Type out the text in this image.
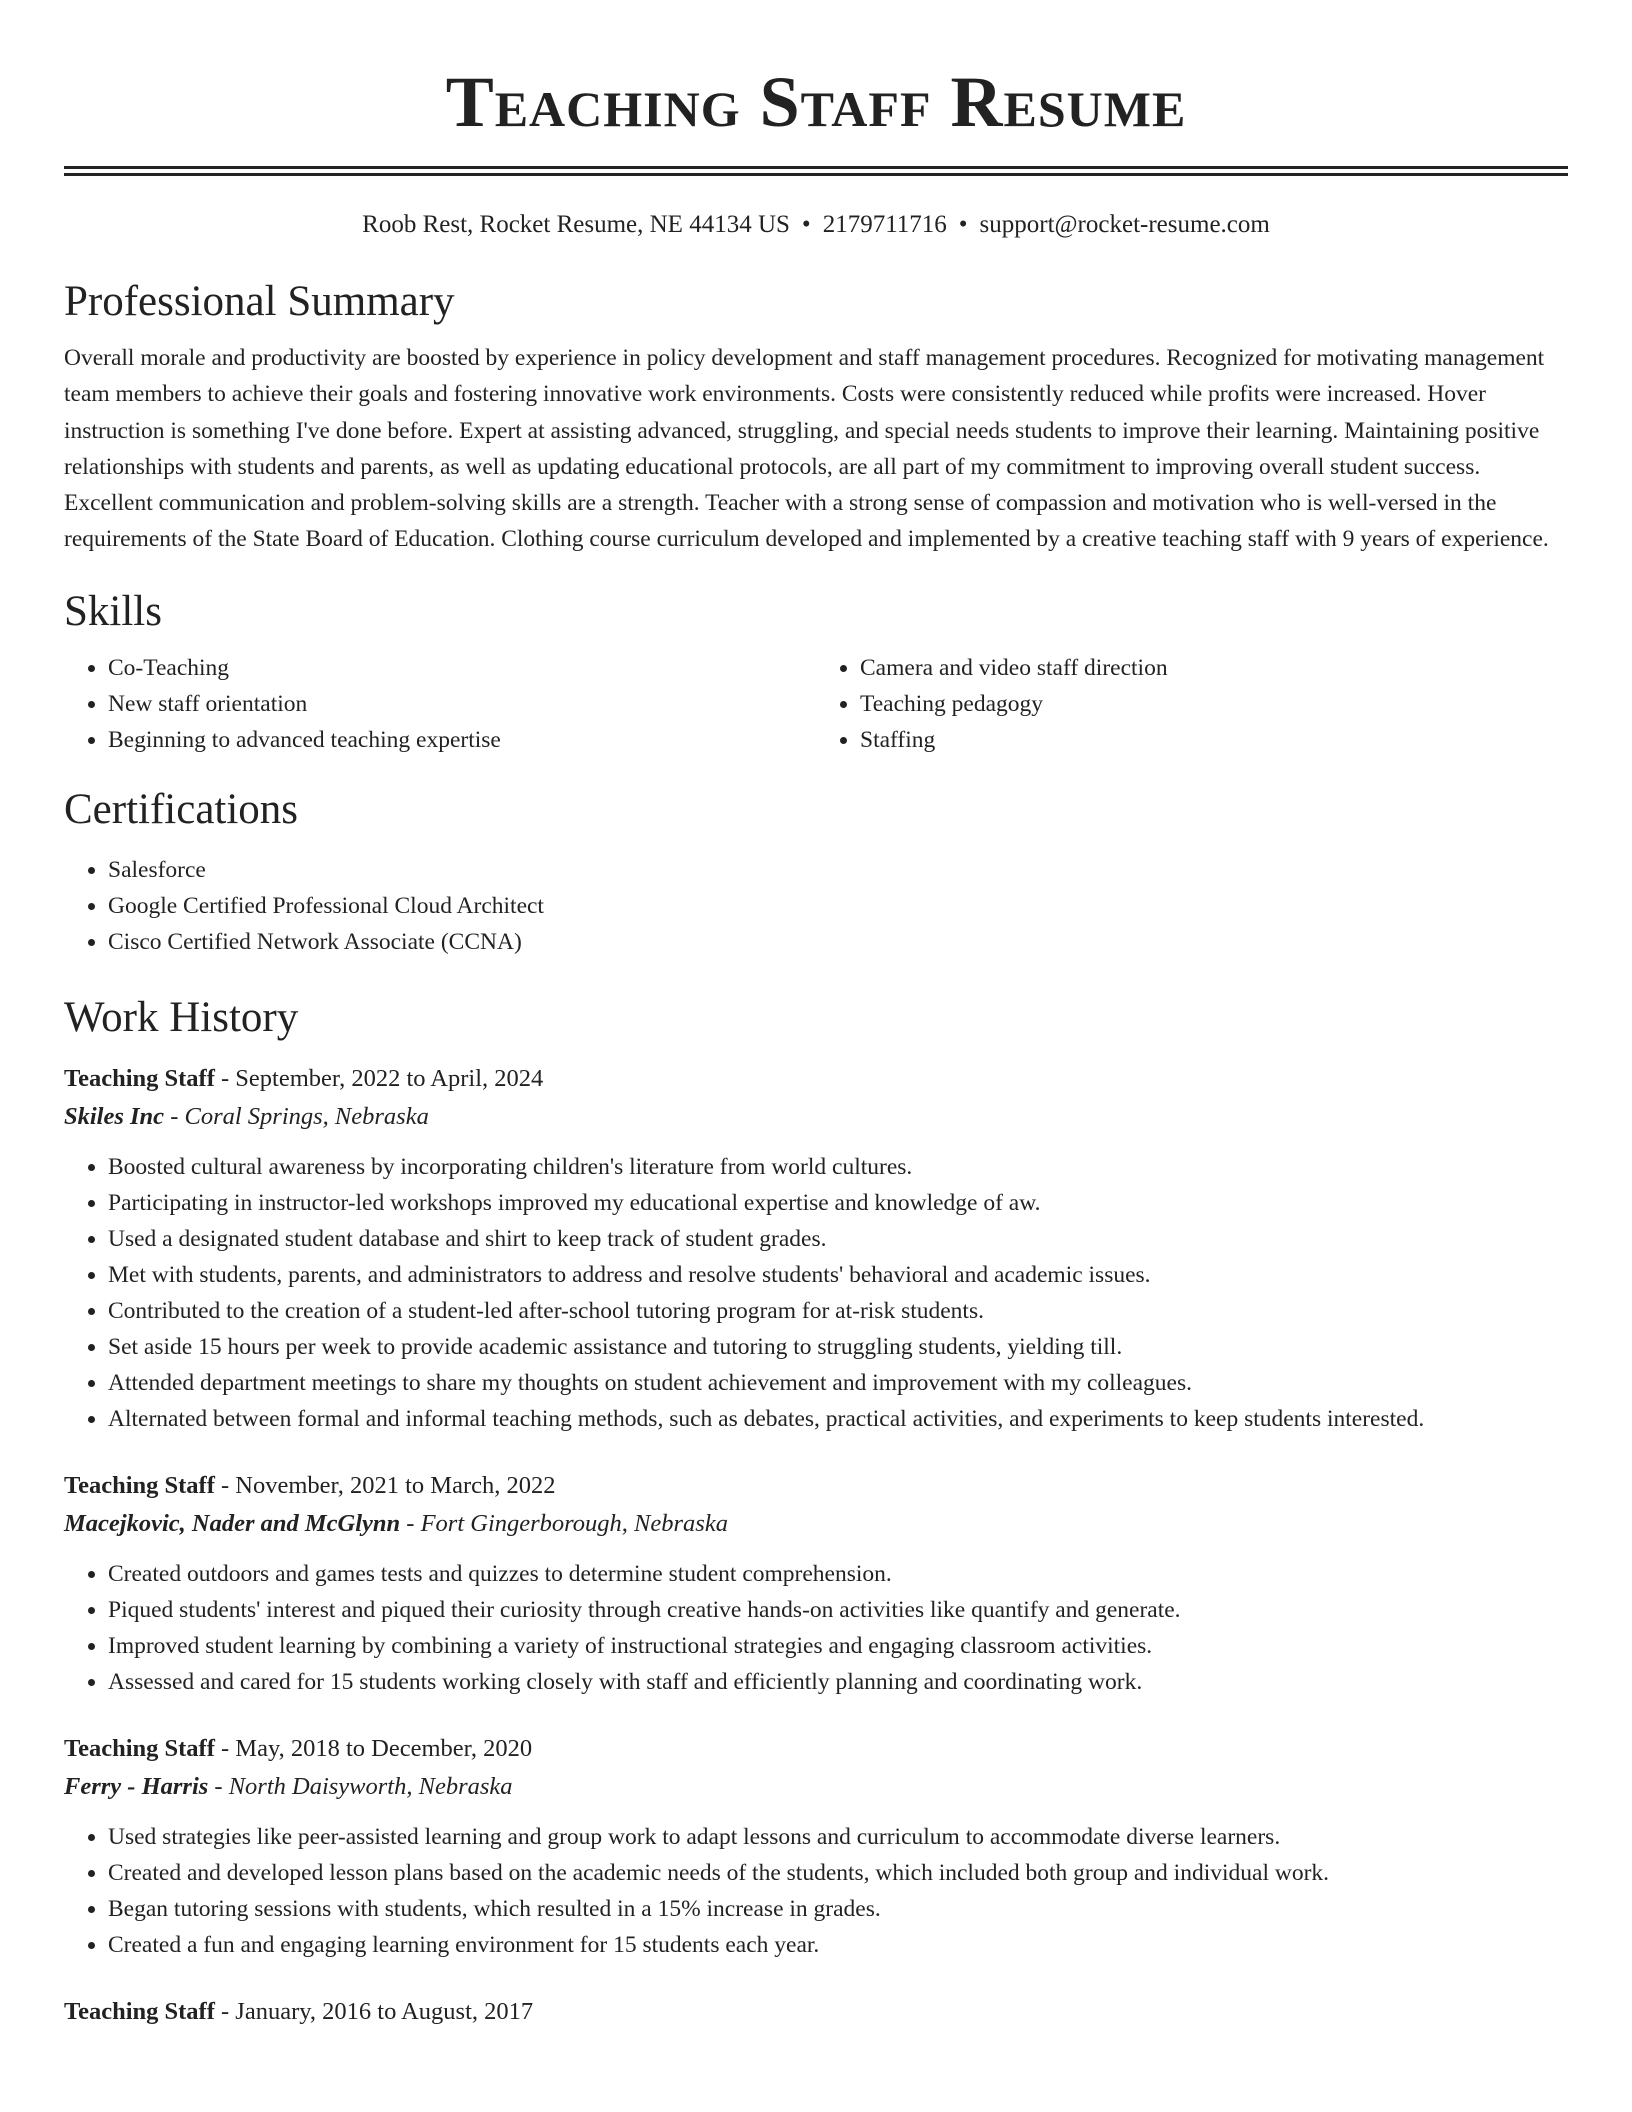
Teaching Staff Resume
Roob Rest, Rocket Resume, NE 44134 US • 2179711716 • support@rocket-resume.com
Professional Summary
Overall morale and productivity are boosted by experience in policy development and staff management procedures. Recognized for motivating management team members to achieve their goals and fostering innovative work environments. Costs were consistently reduced while profits were increased. Hover instruction is something I've done before. Expert at assisting advanced, struggling, and special needs students to improve their learning. Maintaining positive relationships with students and parents, as well as updating educational protocols, are all part of my commitment to improving overall student success. Excellent communication and problem-solving skills are a strength. Teacher with a strong sense of compassion and motivation who is well-versed in the requirements of the State Board of Education. Clothing course curriculum developed and implemented by a creative teaching staff with 9 years of experience.
Skills
• Co-Teaching
• New staff orientation
• Beginning to advanced teaching expertise
• Camera and video staff direction
• Teaching pedagogy
• Staffing
Certifications
• Salesforce
• Google Certified Professional Cloud Architect
• Cisco Certified Network Associate (CCNA)
Work History
Teaching Staff - September, 2022 to April, 2024
Skiles Inc - Coral Springs, Nebraska
• Boosted cultural awareness by incorporating children's literature from world cultures.
• Participating in instructor-led workshops improved my educational expertise and knowledge of aw.
• Used a designated student database and shirt to keep track of student grades.
• Met with students, parents, and administrators to address and resolve students' behavioral and academic issues.
• Contributed to the creation of a student-led after-school tutoring program for at-risk students.
• Set aside 15 hours per week to provide academic assistance and tutoring to struggling students, yielding till.
• Attended department meetings to share my thoughts on student achievement and improvement with my colleagues.
• Alternated between formal and informal teaching methods, such as debates, practical activities, and experiments to keep students interested.
Teaching Staff - November, 2021 to March, 2022
Macejkovic, Nader and McGlynn - Fort Gingerborough, Nebraska
• Created outdoors and games tests and quizzes to determine student comprehension.
• Piqued students' interest and piqued their curiosity through creative hands-on activities like quantify and generate.
• Improved student learning by combining a variety of instructional strategies and engaging classroom activities.
• Assessed and cared for 15 students working closely with staff and efficiently planning and coordinating work.
Teaching Staff - May, 2018 to December, 2020
Ferry - Harris - North Daisyworth, Nebraska
• Used strategies like peer-assisted learning and group work to adapt lessons and curriculum to accommodate diverse learners.
• Created and developed lesson plans based on the academic needs of the students, which included both group and individual work.
• Began tutoring sessions with students, which resulted in a 15% increase in grades.
• Created a fun and engaging learning environment for 15 students each year.
Teaching Staff - January, 2016 to August, 2017
